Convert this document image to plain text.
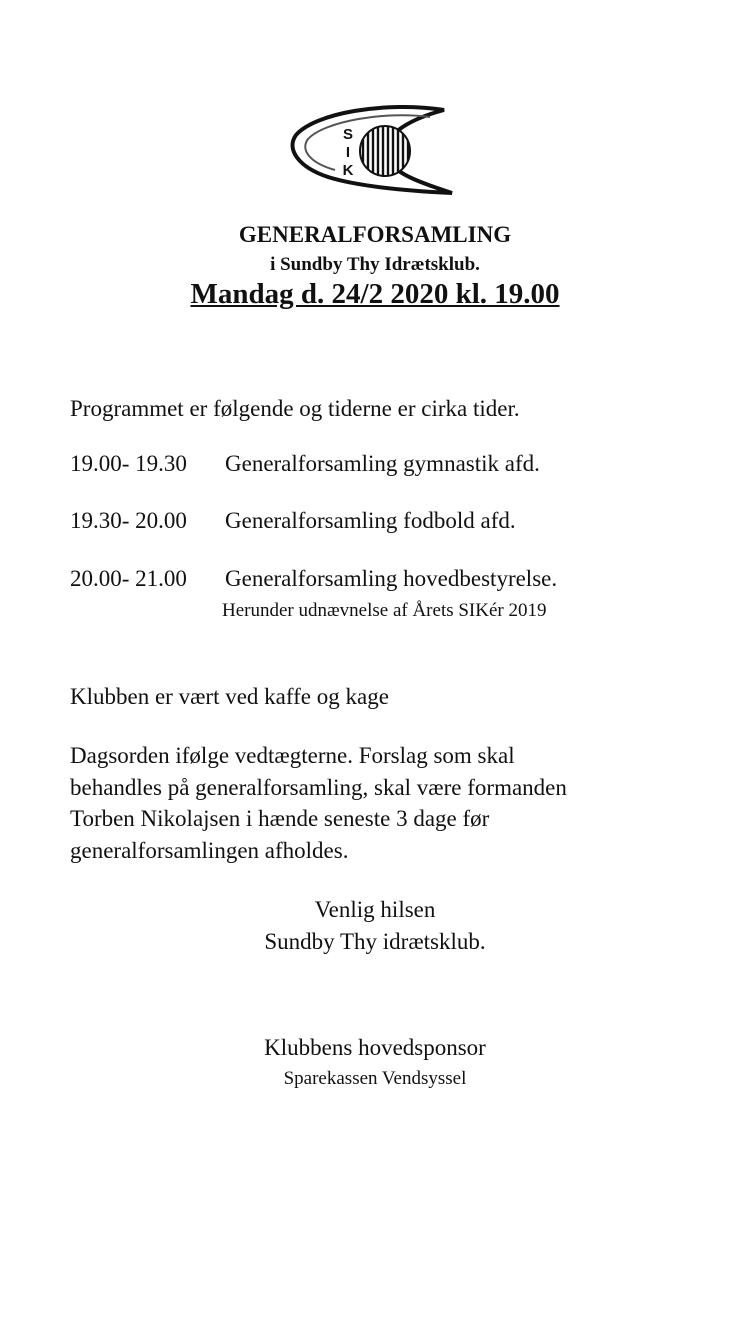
S
I
K
GENERALFORSAMLING
i Sundby Thy Idrætsklub.
Mandag d. 24/2 2020 kl. 19.00
Programmet er følgende og tiderne er cirka tider.
19.00- 19.30 Generalforsamling gymnastik afd.
19.30- 20.00 Generalforsamling fodbold afd.
20.00- 21.00 Generalforsamling hovedbestyrelse.
Herunder udnævnelse af Årets SIKér 2019
Klubben er vært ved kaffe og kage
Dagsorden ifølge vedtægterne. Forslag som skal
behandles på generalforsamling, skal være formanden
Torben Nikolajsen i hænde seneste 3 dage før
generalforsamlingen afholdes.
Venlig hilsen
Sundby Thy idrætsklub.
Klubbens hovedsponsor
Sparekassen Vendsyssel
